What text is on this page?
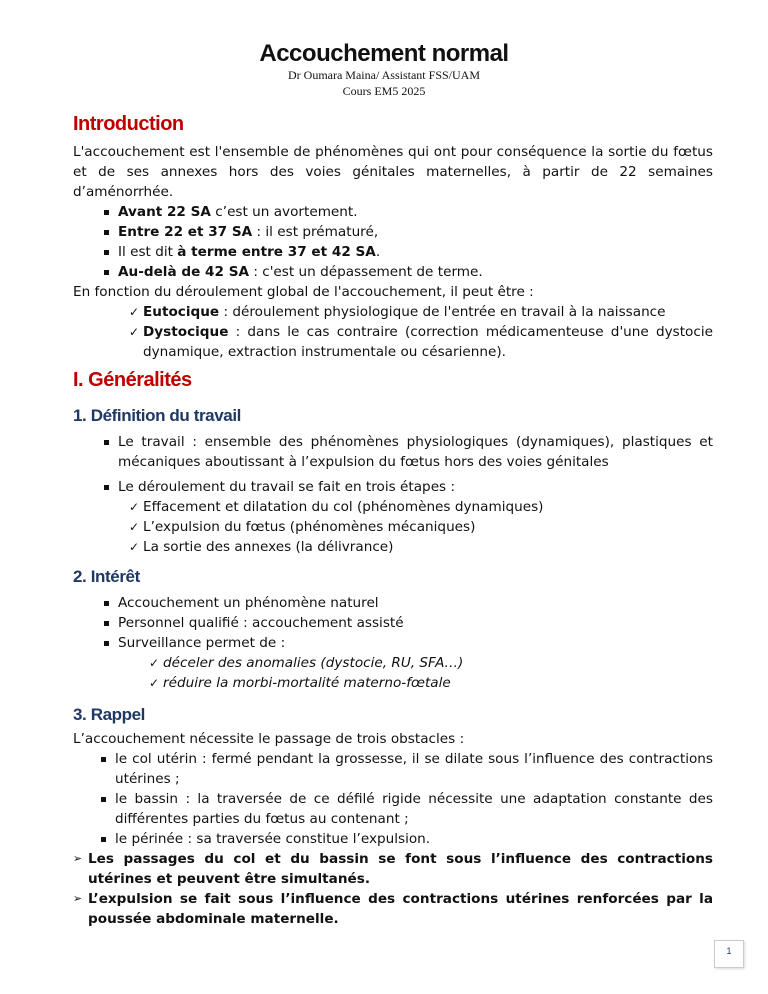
Accouchement normal
Dr Oumara Maina/ Assistant FSS/UAM
Cours EM5 2025
Introduction
L'accouchement est l'ensemble de phénomènes qui ont pour conséquence la sortie du fœtus et de ses annexes hors des voies génitales maternelles, à partir de 22 semaines d’aménorrhée.
Avant 22 SA c’est un avortement.
Entre 22 et 37 SA : il est prématuré,
Il est dit à terme entre 37 et 42 SA.
Au-delà de 42 SA : c'est un dépassement de terme.
En fonction du déroulement global de l'accouchement, il peut être :
✓ Eutocique : déroulement physiologique de l'entrée en travail à la naissance
✓ Dystocique : dans le cas contraire (correction médicamenteuse d'une dystocie dynamique, extraction instrumentale ou césarienne).
I. Généralités
1. Définition du travail
Le travail : ensemble des phénomènes physiologiques (dynamiques), plastiques et mécaniques aboutissant à l’expulsion du fœtus hors des voies génitales
Le déroulement du travail se fait en trois étapes :
✓ Effacement et dilatation du col (phénomènes dynamiques)
✓ L’expulsion du fœtus (phénomènes mécaniques)
✓ La sortie des annexes (la délivrance)
2. Intérêt
Accouchement un phénomène naturel
Personnel qualifié : accouchement assisté
Surveillance permet de :
✓ déceler des anomalies (dystocie, RU, SFA…)
✓ réduire la morbi-mortalité materno-fœtale
3. Rappel
L’accouchement nécessite le passage de trois obstacles :
le col utérin : fermé pendant la grossesse, il se dilate sous l’influence des contractions utérines ;
le bassin : la traversée de ce défilé rigide nécessite une adaptation constante des différentes parties du fœtus au contenant ;
le périnée : sa traversée constitue l’expulsion.
➢ Les passages du col et du bassin se font sous l’influence des contractions utérines et peuvent être simultanés.
➢ L’expulsion se fait sous l’influence des contractions utérines renforcées par la poussée abdominale maternelle.
1
